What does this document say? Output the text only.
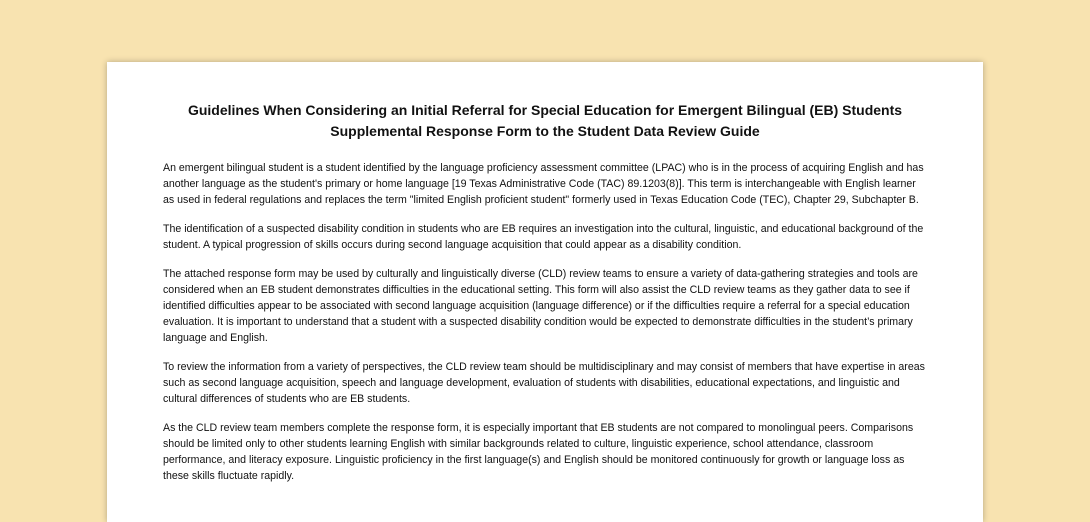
Guidelines When Considering an Initial Referral for Special Education for Emergent Bilingual (EB) Students
Supplemental Response Form to the Student Data Review Guide

An emergent bilingual student is a student identified by the language proficiency assessment committee (LPAC) who is in the process of acquiring English and has another language as the student's primary or home language [19 Texas Administrative Code (TAC) 89.1203(8)]. This term is interchangeable with English learner as used in federal regulations and replaces the term "limited English proficient student" formerly used in Texas Education Code (TEC), Chapter 29, Subchapter B.

The identification of a suspected disability condition in students who are EB requires an investigation into the cultural, linguistic, and educational background of the student. A typical progression of skills occurs during second language acquisition that could appear as a disability condition.

The attached response form may be used by culturally and linguistically diverse (CLD) review teams to ensure a variety of data-gathering strategies and tools are considered when an EB student demonstrates difficulties in the educational setting. This form will also assist the CLD review teams as they gather data to see if identified difficulties appear to be associated with second language acquisition (language difference) or if the difficulties require a referral for a special education evaluation. It is important to understand that a student with a suspected disability condition would be expected to demonstrate difficulties in the student’s primary language and English.

To review the information from a variety of perspectives, the CLD review team should be multidisciplinary and may consist of members that have expertise in areas such as second language acquisition, speech and language development, evaluation of students with disabilities, educational expectations, and linguistic and cultural differences of students who are EB students.

As the CLD review team members complete the response form, it is especially important that EB students are not compared to monolingual peers. Comparisons should be limited only to other students learning English with similar backgrounds related to culture, linguistic experience, school attendance, classroom performance, and literacy exposure. Linguistic proficiency in the first language(s) and English should be monitored continuously for growth or language loss as these skills fluctuate rapidly.
